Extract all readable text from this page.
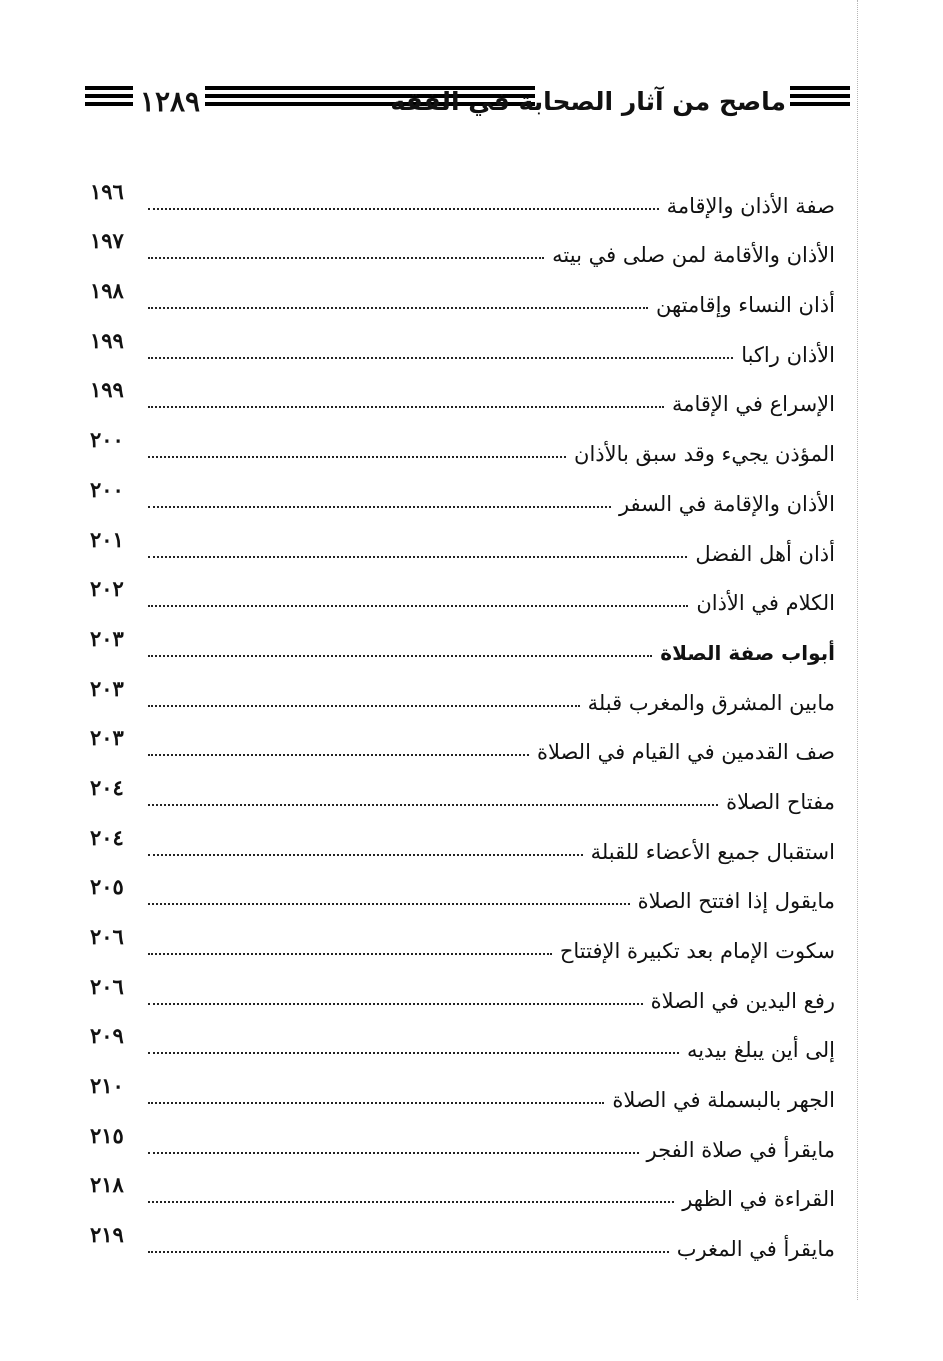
١٢٨٩	ماصح من آثار الصحابة في الفقه
صفة الأذان والإقامة
١٩٦
الأذان والأقامة لمن صلى في بيته
١٩٧
أذان النساء وإقامتهن
١٩٨
الأذان راكبا
١٩٩
الإسراع في الإقامة
١٩٩
المؤذن يجيء وقد سبق بالأذان
٢٠٠
الأذان والإقامة في السفر
٢٠٠
أذان أهل الفضل
٢٠١
الكلام في الأذان
٢٠٢
أبواب صفة الصلاة
٢٠٣
مابين المشرق والمغرب قبلة
٢٠٣
صف القدمين في القيام في الصلاة
٢٠٣
مفتاح الصلاة
٢٠٤
استقبال جميع الأعضاء للقبلة
٢٠٤
مايقول إذا افتتح الصلاة
٢٠٥
سكوت الإمام بعد تكبيرة الإفتتاح
٢٠٦
رفع اليدين في الصلاة
٢٠٦
إلى أين يبلغ بيديه
٢٠٩
الجهر بالبسملة في الصلاة
٢١٠
مايقرأ في صلاة الفجر
٢١٥
القراءة في الظهر
٢١٨
مايقرأ في المغرب
٢١٩
